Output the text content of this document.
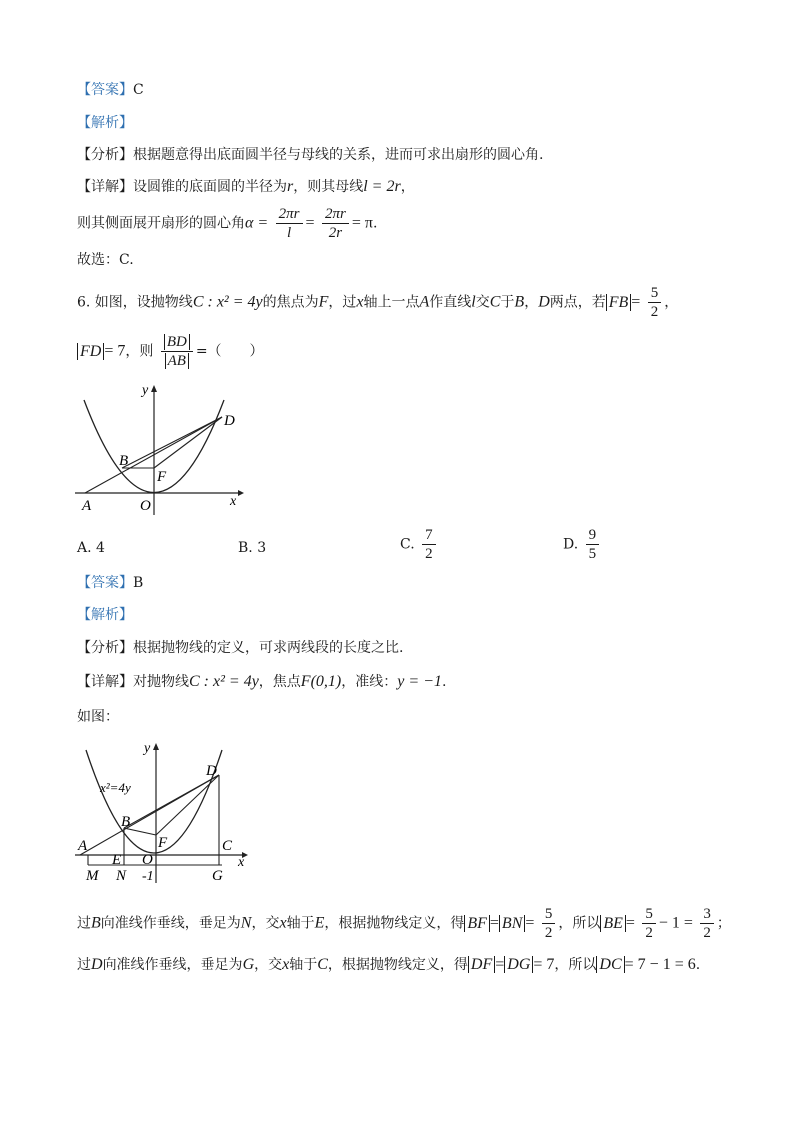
【答案】C
【解析】
【分析】根据题意得出底面圆半径与母线的关系，进而可求出扇形的圆心角.
【详解】设圆锥的底面圆的半径为r，则其母线l = 2r，
则其侧面展开扇形的圆心角$\alpha = \frac{2\pi r}{l} = \frac{2\pi r}{2r} = \pi$.
故选：C.
6. 如图，设抛物线C : x² = 4y的焦点为F，过x轴上一点A作直线l交C于B，D两点，若 FB = $\frac{5}{2}$ ，
FD = 7，则 $\frac{BD}{AB}$ =（　　）
y
x
D
B
F
A	O
A. 4	B. 3	C. $\frac{7}{2}$	D. $\frac{9}{5}$
【答案】B
【解析】
【分析】根据抛物线的定义，可求两线段的长度之比.
【详解】对抛物线C : x² = 4y，焦点F(0,1)，准线：y = −1.
如图：
y
x
x²=4y
D
B
F
A
E O
C
M N -1	G
过B向准线作垂线，垂足为N，交x轴于E，根据抛物线定义，得 BF = BN = $\frac{5}{2}$ ，所以 BE = $\frac{5}{2} - 1 = \frac{3}{2}$ ；
过D向准线作垂线，垂足为G，交x轴于C，根据抛物线定义，得 DF = DG = 7，所以 DC = 7 − 1 = 6.
